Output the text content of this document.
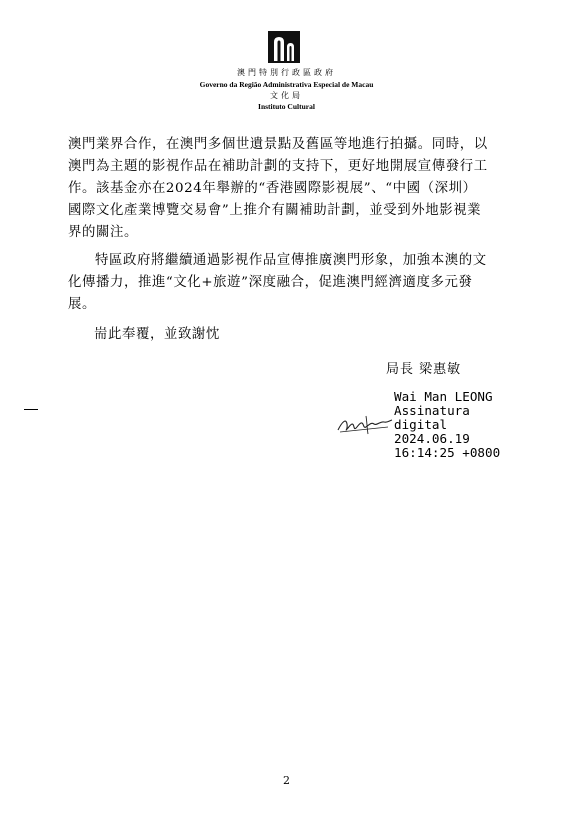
澳門特別行政區政府
Governo da Região Administrativa Especial de Macau
文化局
Instituto Cultural
澳門業界合作，在澳門多個世遺景點及舊區等地進行拍攝。同時，以
澳門為主題的影視作品在補助計劃的支持下，更好地開展宣傳發行工
作。該基金亦在2024年舉辦的“香港國際影視展”、“中國（深圳）
國際文化產業博覽交易會”上推介有關補助計劃，並受到外地影視業
界的關注。
特區政府將繼續通過影視作品宣傳推廣澳門形象，加強本澳的文
化傳播力，推進“文化+旅遊”深度融合，促進澳門經濟適度多元發
展。
耑此奉覆，並致謝忱
局長 梁惠敏
Wai Man LEONG
Assinatura
digital
2024.06.19
16:14:25 +0800
2
